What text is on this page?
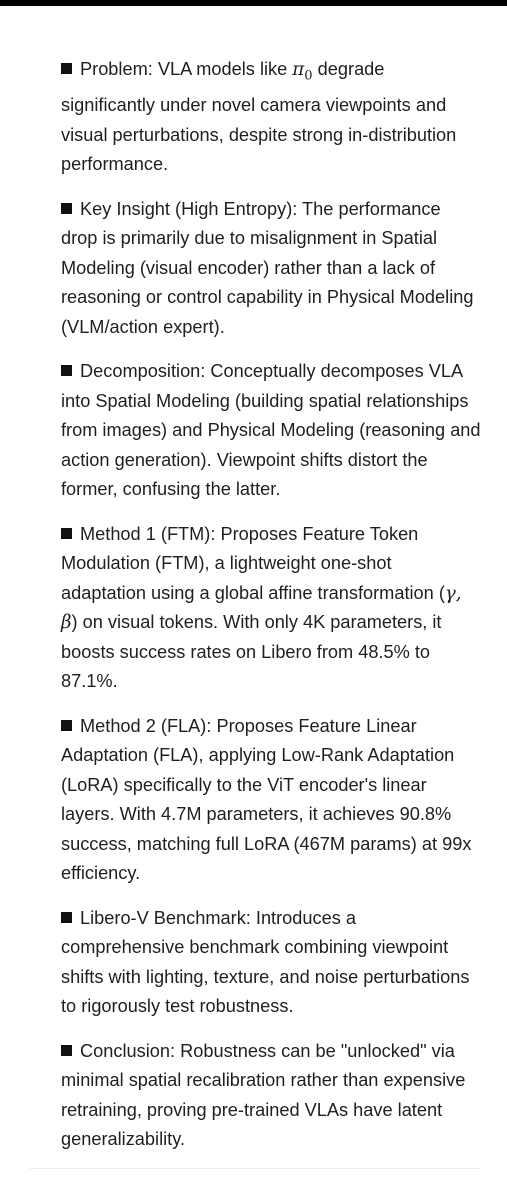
Problem: VLA models like $\pi_0$ degrade significantly under novel camera viewpoints and visual perturbations, despite strong in-distribution performance.

Key Insight (High Entropy): The performance drop is primarily due to misalignment in Spatial Modeling (visual encoder) rather than a lack of reasoning or control capability in Physical Modeling (VLM/action expert).

Decomposition: Conceptually decomposes VLA into Spatial Modeling (building spatial relationships from images) and Physical Modeling (reasoning and action generation). Viewpoint shifts distort the former, confusing the latter.

Method 1 (FTM): Proposes Feature Token Modulation (FTM), a lightweight one-shot adaptation using a global affine transformation (γ, β) on visual tokens. With only 4K parameters, it boosts success rates on Libero from 48.5% to 87.1%.

Method 2 (FLA): Proposes Feature Linear Adaptation (FLA), applying Low-Rank Adaptation (LoRA) specifically to the ViT encoder's linear layers. With 4.7M parameters, it achieves 90.8% success, matching full LoRA (467M params) at 99x efficiency.

Libero-V Benchmark: Introduces a comprehensive benchmark combining viewpoint shifts with lighting, texture, and noise perturbations to rigorously test robustness.

Conclusion: Robustness can be "unlocked" via minimal spatial recalibration rather than expensive retraining, proving pre-trained VLAs have latent generalizability.
